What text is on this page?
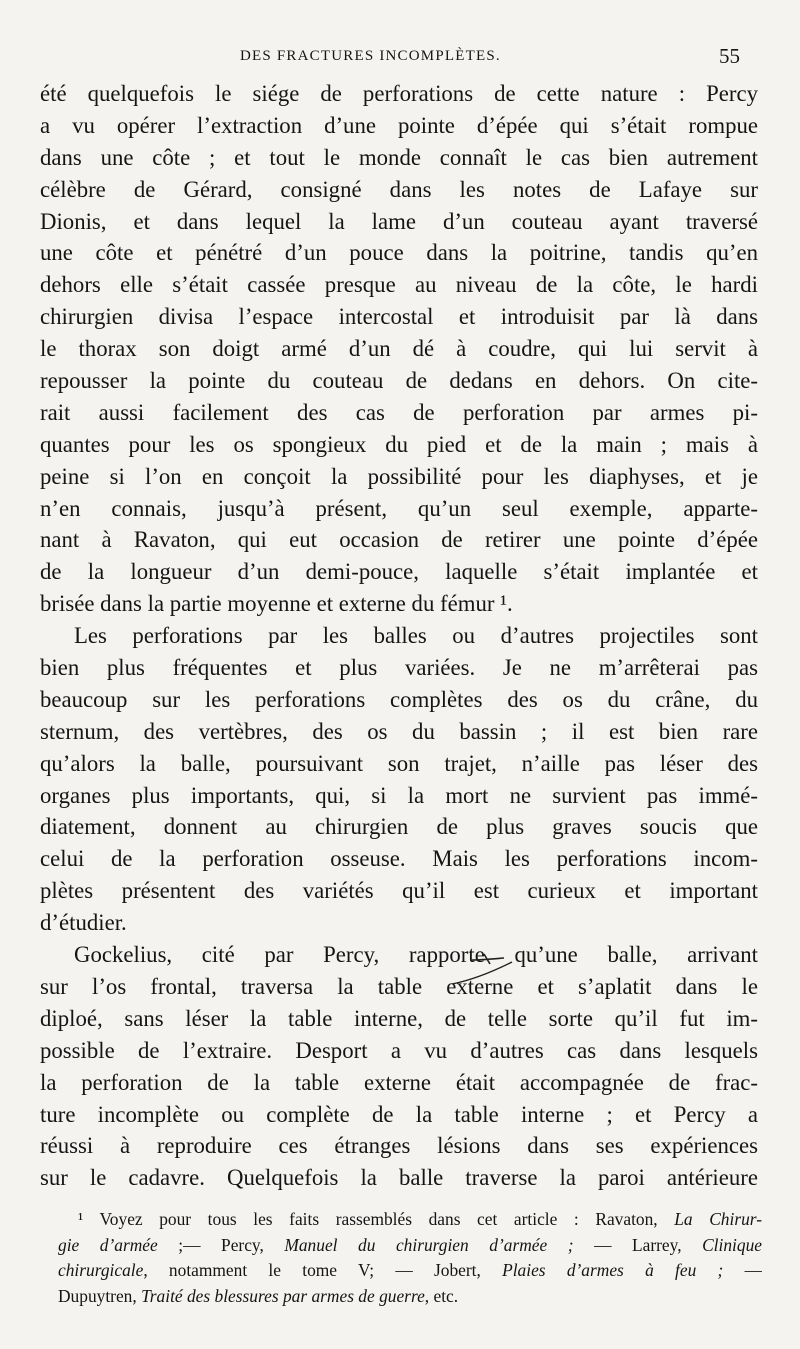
DES FRACTURES INCOMPLÈTES.	55
été quelquefois le siége de perforations de cette nature : Percy
a vu opérer l’extraction d’une pointe d’épée qui s’était rompue
dans une côte ; et tout le monde connaît le cas bien autrement
célèbre de Gérard, consigné dans les notes de Lafaye sur
Dionis, et dans lequel la lame d’un couteau ayant traversé
une côte et pénétré d’un pouce dans la poitrine, tandis qu’en
dehors elle s’était cassée presque au niveau de la côte, le hardi
chirurgien divisa l’espace intercostal et introduisit par là dans
le thorax son doigt armé d’un dé à coudre, qui lui servit à
repousser la pointe du couteau de dedans en dehors. On cite-
rait aussi facilement des cas de perforation par armes pi-
quantes pour les os spongieux du pied et de la main ; mais à
peine si l’on en conçoit la possibilité pour les diaphyses, et je
n’en connais, jusqu’à présent, qu’un seul exemple, apparte-
nant à Ravaton, qui eut occasion de retirer une pointe d’épée
de la longueur d’un demi-pouce, laquelle s’était implantée et
brisée dans la partie moyenne et externe du fémur ¹.
Les perforations par les balles ou d’autres projectiles sont
bien plus fréquentes et plus variées. Je ne m’arrêterai pas
beaucoup sur les perforations complètes des os du crâne, du
sternum, des vertèbres, des os du bassin ; il est bien rare
qu’alors la balle, poursuivant son trajet, n’aille pas léser des
organes plus importants, qui, si la mort ne survient pas immé-
diatement, donnent au chirurgien de plus graves soucis que
celui de la perforation osseuse. Mais les perforations incom-
plètes présentent des variétés qu’il est curieux et important
d’étudier.
Gockelius, cité par Percy, rapporte qu’une balle, arrivant
sur l’os frontal, traversa la table externe et s’aplatit dans le
diploé, sans léser la table interne, de telle sorte qu’il fut im-
possible de l’extraire. Desport a vu d’autres cas dans lesquels
la perforation de la table externe était accompagnée de frac-
ture incomplète ou complète de la table interne ; et Percy a
réussi à reproduire ces étranges lésions dans ses expériences
sur le cadavre. Quelquefois la balle traverse la paroi antérieure
¹ Voyez pour tous les faits rassemblés dans cet article : Ravaton, La Chirur-
gie d’armée ;— Percy, Manuel du chirurgien d’armée ; — Larrey, Clinique
chirurgicale, notamment le tome V; — Jobert, Plaies d’armes à feu ; —
Dupuytren, Traité des blessures par armes de guerre, etc.
